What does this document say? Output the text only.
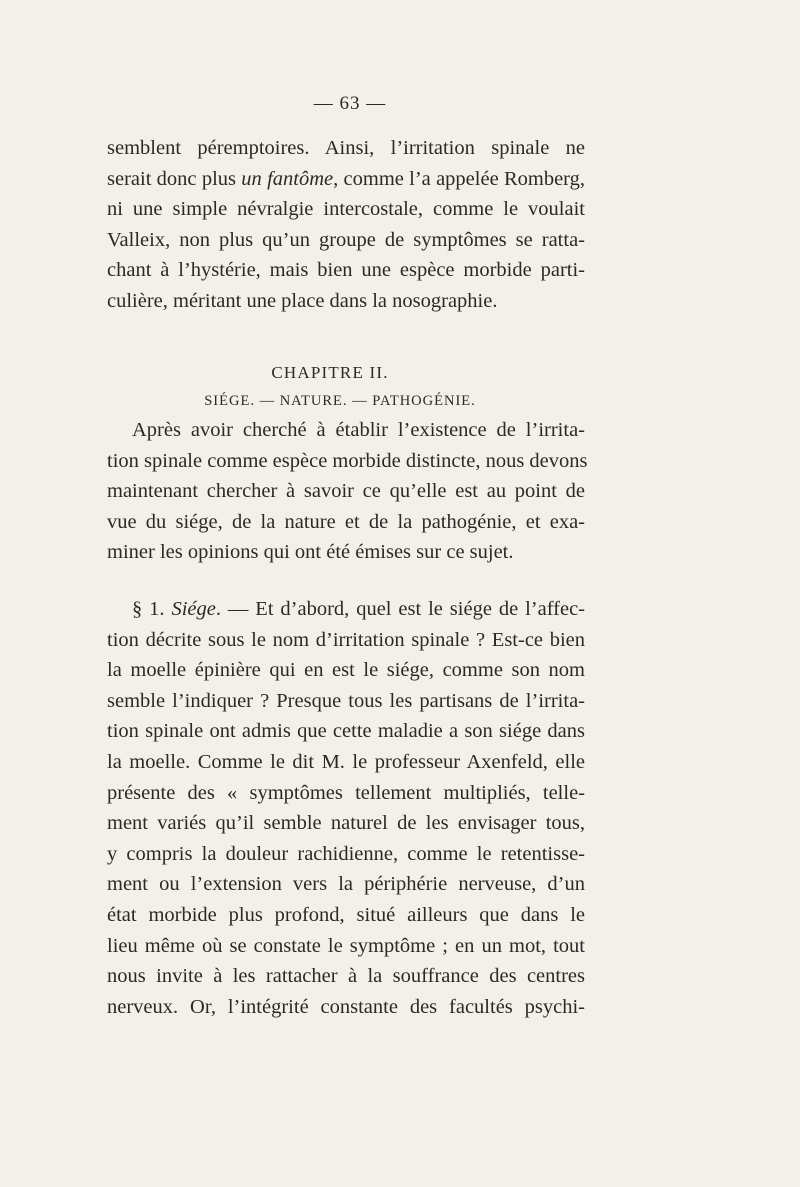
— 63 —
semblent péremptoires. Ainsi, l’irritation spinale ne
serait donc plus un fantôme, comme l’a appelée Romberg,
ni une simple névralgie intercostale, comme le voulait
Valleix, non plus qu’un groupe de symptômes se ratta-
chant à l’hystérie, mais bien une espèce morbide parti-
culière, méritant une place dans la nosographie.
CHAPITRE II.
SIÉGE. — NATURE. — PATHOGÉNIE.
Après avoir cherché à établir l’existence de l’irrita-
tion spinale comme espèce morbide distincte, nous devons
maintenant chercher à savoir ce qu’elle est au point de
vue du siége, de la nature et de la pathogénie, et exa-
miner les opinions qui ont été émises sur ce sujet.
§ 1. Siége. — Et d’abord, quel est le siége de l’affec-
tion décrite sous le nom d’irritation spinale ? Est-ce bien
la moelle épinière qui en est le siége, comme son nom
semble l’indiquer ? Presque tous les partisans de l’irrita-
tion spinale ont admis que cette maladie a son siége dans
la moelle. Comme le dit M. le professeur Axenfeld, elle
présente des « symptômes tellement multipliés, telle-
ment variés qu’il semble naturel de les envisager tous,
y compris la douleur rachidienne, comme le retentisse-
ment ou l’extension vers la périphérie nerveuse, d’un
état morbide plus profond, situé ailleurs que dans le
lieu même où se constate le symptôme ; en un mot, tout
nous invite à les rattacher à la souffrance des centres
nerveux. Or, l’intégrité constante des facultés psychi-
